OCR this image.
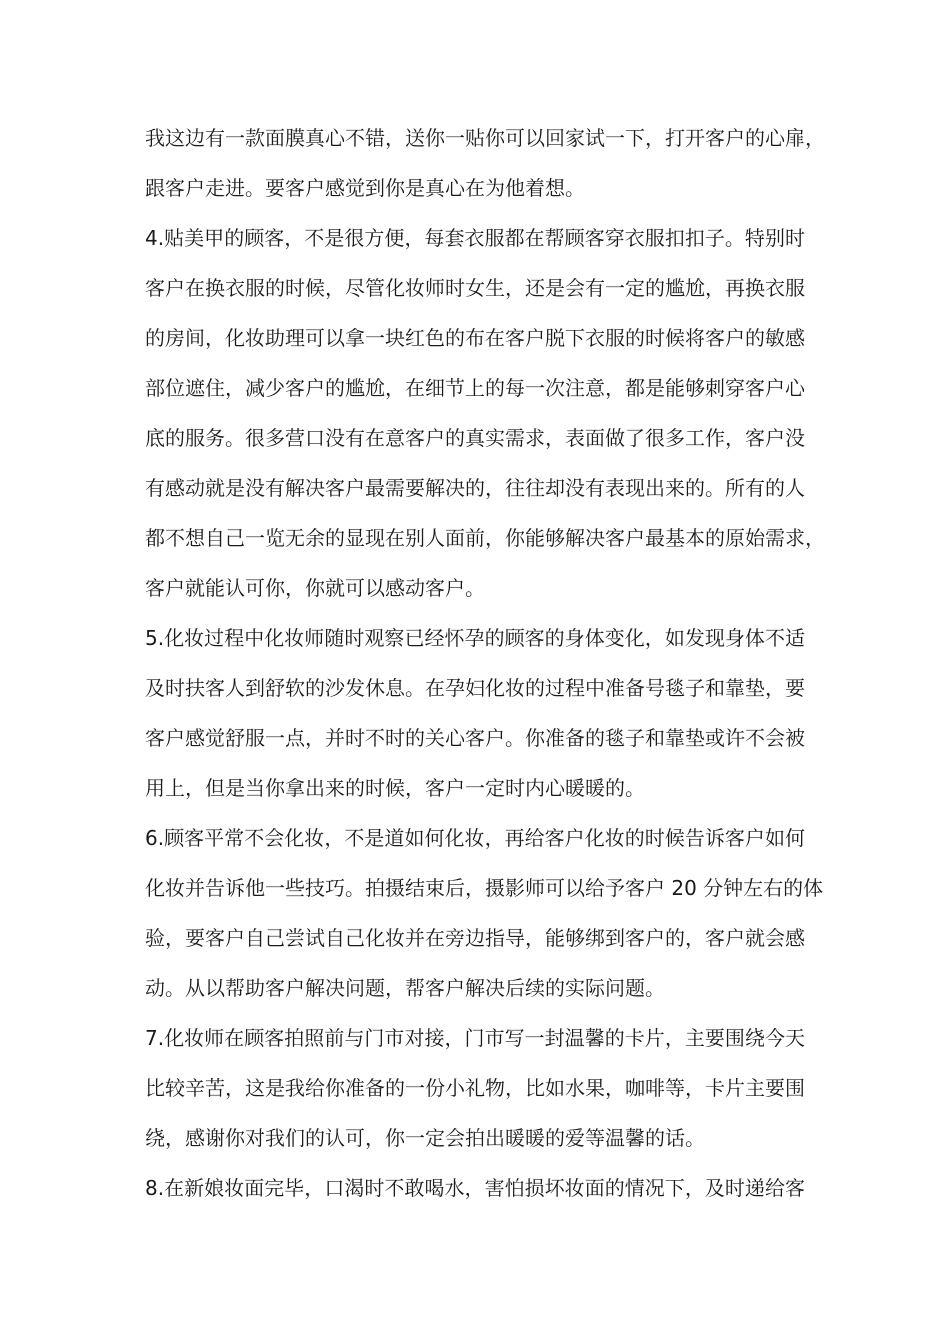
我这边有一款面膜真心不错，送你一贴你可以回家试一下，打开客户的心扉，
跟客户走进。要客户感觉到你是真心在为他着想。
4.贴美甲的顾客，不是很方便，每套衣服都在帮顾客穿衣服扣扣子。特别时
客户在换衣服的时候，尽管化妆师时女生，还是会有一定的尴尬，再换衣服
的房间，化妆助理可以拿一块红色的布在客户脱下衣服的时候将客户的敏感
部位遮住，减少客户的尴尬，在细节上的每一次注意，都是能够刺穿客户心
底的服务。很多营口没有在意客户的真实需求，表面做了很多工作，客户没
有感动就是没有解决客户最需要解决的，往往却没有表现出来的。所有的人
都不想自己一览无余的显现在别人面前，你能够解决客户最基本的原始需求，
客户就能认可你，你就可以感动客户。
5.化妆过程中化妆师随时观察已经怀孕的顾客的身体变化，如发现身体不适
及时扶客人到舒软的沙发休息。在孕妇化妆的过程中准备号毯子和靠垫，要
客户感觉舒服一点，并时不时的关心客户。你准备的毯子和靠垫或许不会被
用上，但是当你拿出来的时候，客户一定时内心暖暖的。
6.顾客平常不会化妆，不是道如何化妆，再给客户化妆的时候告诉客户如何
化妆并告诉他一些技巧。拍摄结束后，摄影师可以给予客户 20 分钟左右的体
验，要客户自己尝试自己化妆并在旁边指导，能够绑到客户的，客户就会感
动。从以帮助客户解决问题，帮客户解决后续的实际问题。
7.化妆师在顾客拍照前与门市对接，门市写一封温馨的卡片，主要围绕今天
比较辛苦，这是我给你准备的一份小礼物，比如水果，咖啡等，卡片主要围
绕，感谢你对我们的认可，你一定会拍出暖暖的爱等温馨的话。
8.在新娘妆面完毕，口渴时不敢喝水，害怕损坏妆面的情况下，及时递给客
